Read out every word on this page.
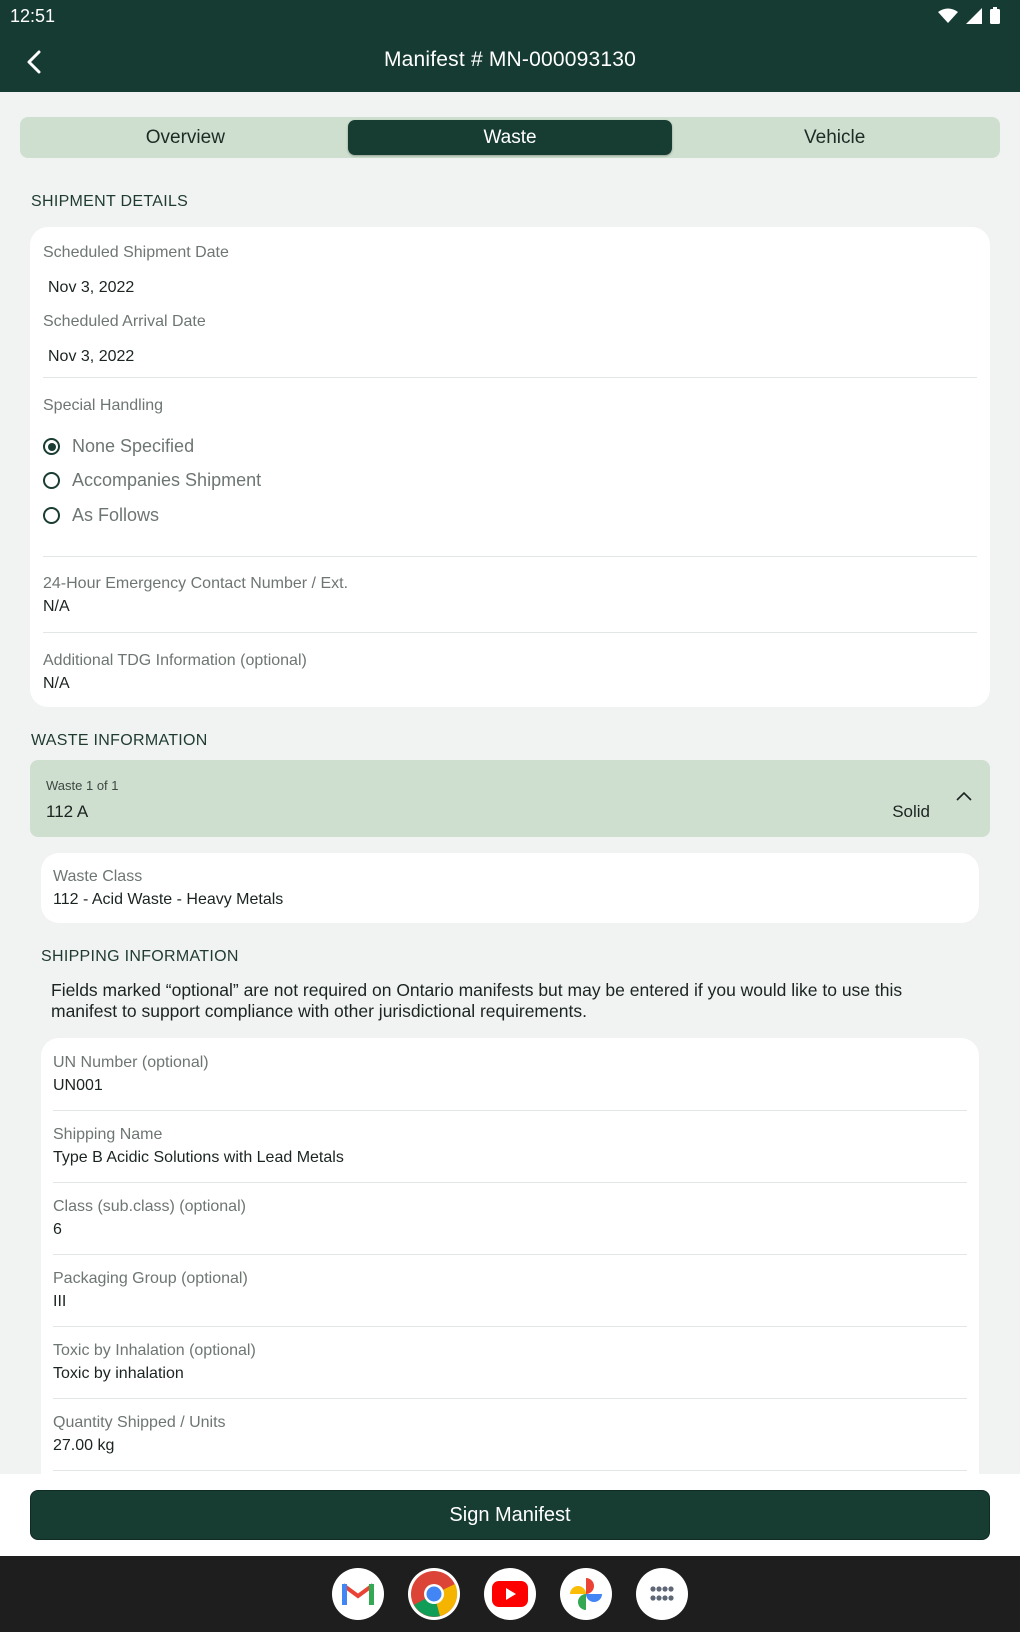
12:51
Manifest # MN-000093130
Overview	Waste	Vehicle
SHIPMENT DETAILS
Scheduled Shipment Date
Nov 3, 2022
Scheduled Arrival Date
Nov 3, 2022
Special Handling
None Specified
Accompanies Shipment
As Follows
24-Hour Emergency Contact Number / Ext.
N/A
Additional TDG Information (optional)
N/A
WASTE INFORMATION
Waste 1 of 1
112 A	Solid
Waste Class
112 - Acid Waste - Heavy Metals
SHIPPING INFORMATION
Fields marked “optional” are not required on Ontario manifests but may be entered if you would like to use this manifest to support compliance with other jurisdictional requirements.
UN Number (optional)
UN001
Shipping Name
Type B Acidic Solutions with Lead Metals
Class (sub.class) (optional)
6
Packaging Group (optional)
III
Toxic by Inhalation (optional)
Toxic by inhalation
Quantity Shipped / Units
27.00 kg
Sign Manifest
